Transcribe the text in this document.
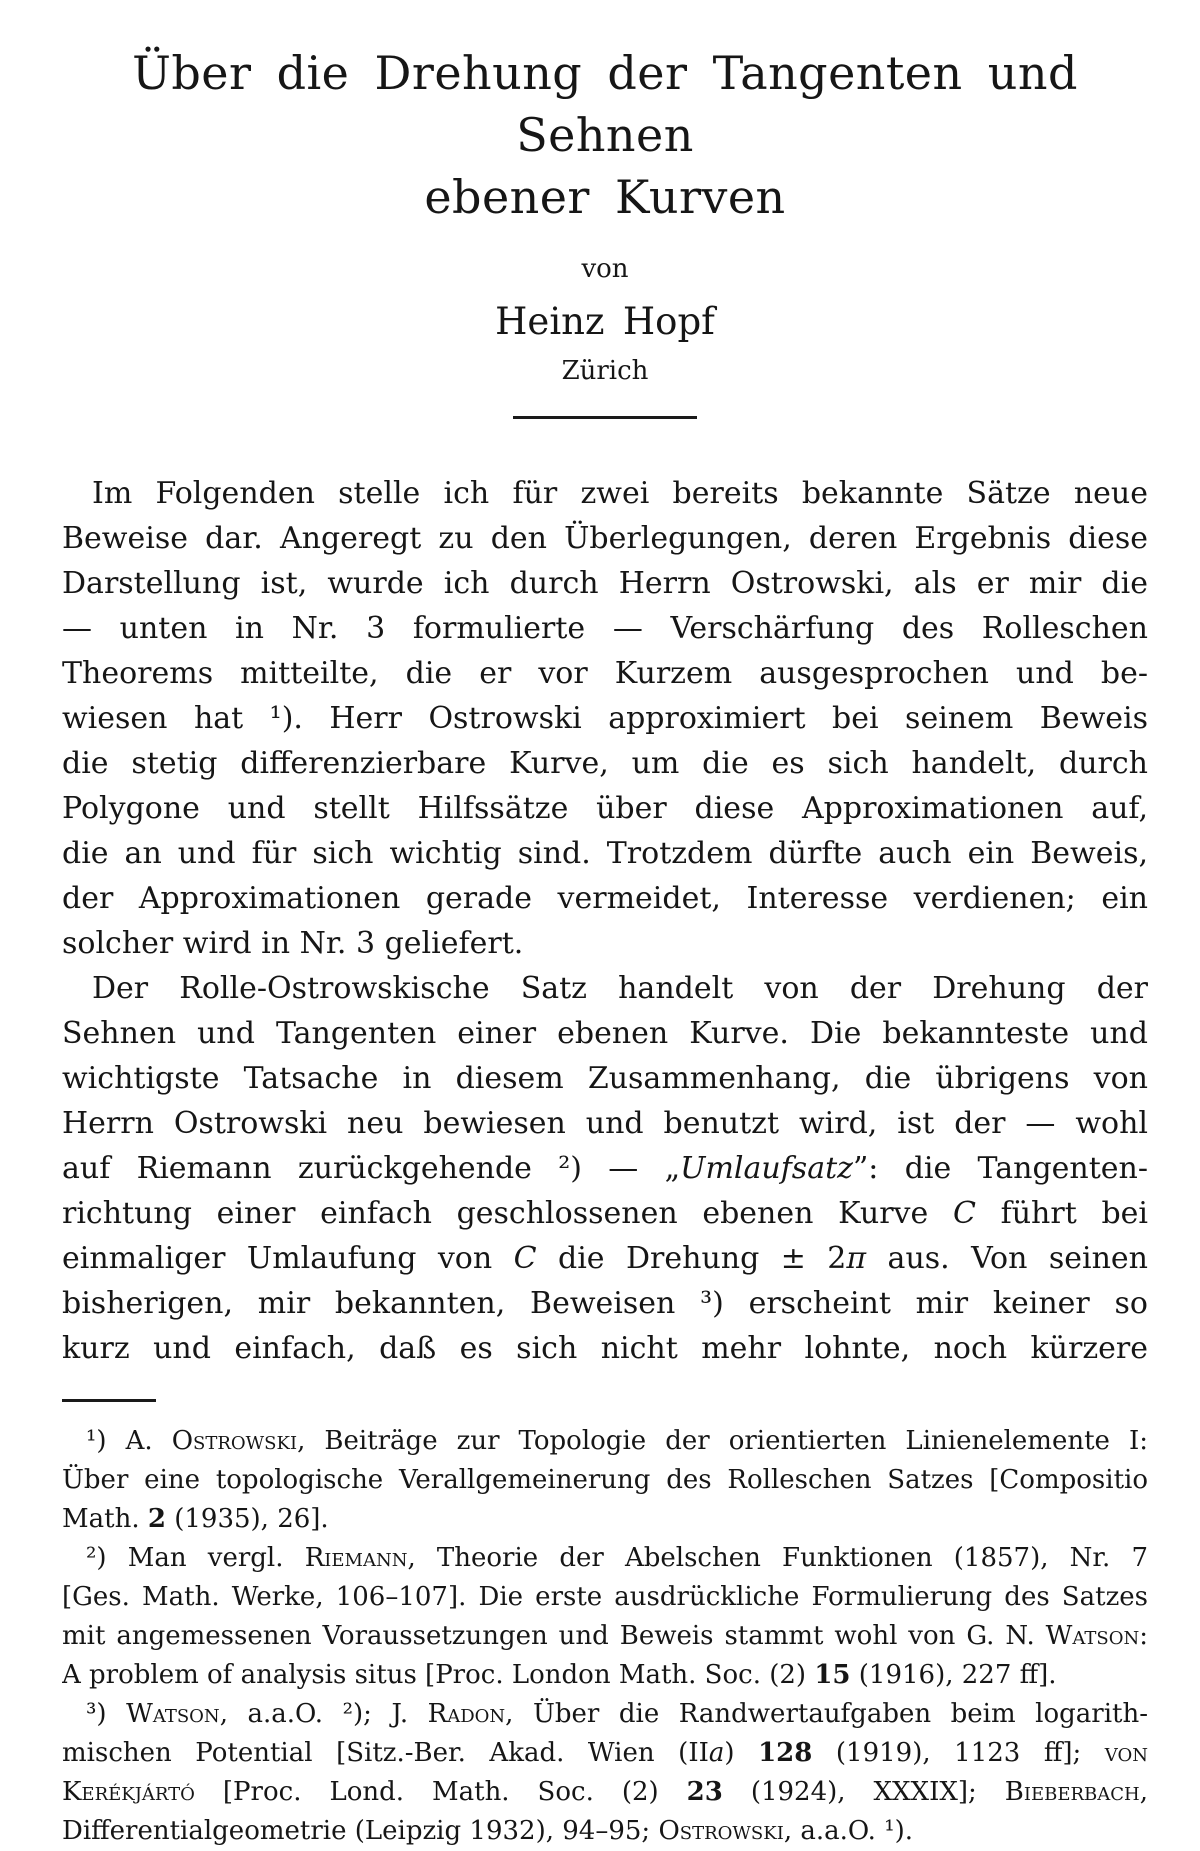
Über die Drehung der Tangenten und Sehnen
ebener Kurven
von
Heinz Hopf
Zürich
Im Folgenden stelle ich für zwei bereits bekannte Sätze neue
Beweise dar. Angeregt zu den Überlegungen, deren Ergebnis diese
Darstellung ist, wurde ich durch Herrn Ostrowski, als er mir die
— unten in Nr. 3 formulierte — Verschärfung des Rolleschen
Theorems mitteilte, die er vor Kurzem ausgesprochen und be-
wiesen hat ¹). Herr Ostrowski approximiert bei seinem Beweis
die stetig differenzierbare Kurve, um die es sich handelt, durch
Polygone und stellt Hilfssätze über diese Approximationen auf,
die an und für sich wichtig sind. Trotzdem dürfte auch ein Beweis,
der Approximationen gerade vermeidet, Interesse verdienen; ein
solcher wird in Nr. 3 geliefert.
Der Rolle-Ostrowskische Satz handelt von der Drehung der
Sehnen und Tangenten einer ebenen Kurve. Die bekannteste und
wichtigste Tatsache in diesem Zusammenhang, die übrigens von
Herrn Ostrowski neu bewiesen und benutzt wird, ist der — wohl
auf Riemann zurückgehende ²) — „Umlaufsatz”: die Tangenten-
richtung einer einfach geschlossenen ebenen Kurve C führt bei
einmaliger Umlaufung von C die Drehung ± 2π aus. Von seinen
bisherigen, mir bekannten, Beweisen ³) erscheint mir keiner so
kurz und einfach, daß es sich nicht mehr lohnte, noch kürzere
¹) A. Ostrowski, Beiträge zur Topologie der orientierten Linienelemente I:
Über eine topologische Verallgemeinerung des Rolleschen Satzes [Compositio
Math. 2 (1935), 26].
²) Man vergl. Riemann, Theorie der Abelschen Funktionen (1857), Nr. 7
[Ges. Math. Werke, 106–107]. Die erste ausdrückliche Formulierung des Satzes
mit angemessenen Voraussetzungen und Beweis stammt wohl von G. N. Watson:
A problem of analysis situs [Proc. London Math. Soc. (2) 15 (1916), 227 ff].
³) Watson, a.a.O. ²); J. Radon, Über die Randwertaufgaben beim logarith-
mischen Potential [Sitz.-Ber. Akad. Wien (IIa) 128 (1919), 1123 ff]; von
Kerékjártó [Proc. Lond. Math. Soc. (2) 23 (1924), XXXIX]; Bieberbach,
Differentialgeometrie (Leipzig 1932), 94–95; Ostrowski, a.a.O. ¹).
